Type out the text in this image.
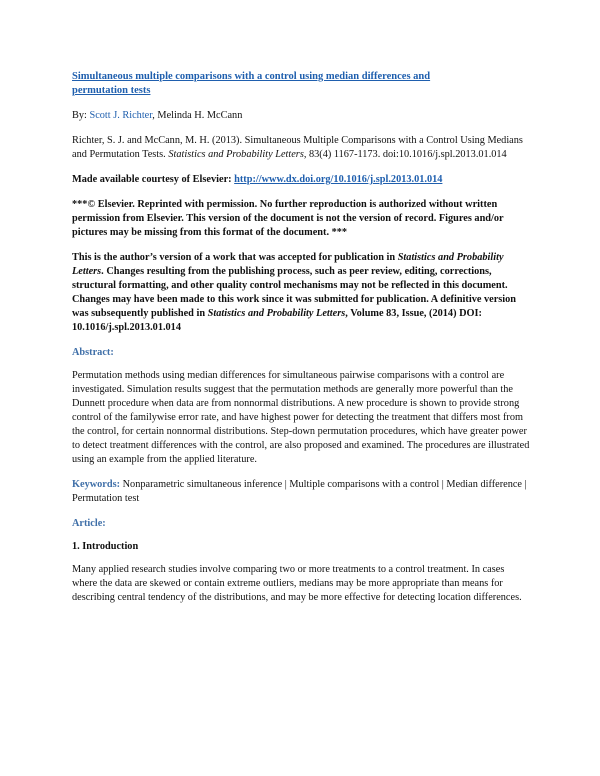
Simultaneous multiple comparisons with a control using median differences and
permutation tests

By: Scott J. Richter, Melinda H. McCann

Richter, S. J. and McCann, M. H. (2013). Simultaneous Multiple Comparisons with a Control Using Medians and Permutation Tests. Statistics and Probability Letters, 83(4) 1167-1173. doi:10.1016/j.spl.2013.01.014

Made available courtesy of Elsevier: http://www.dx.doi.org/10.1016/j.spl.2013.01.014

***© Elsevier. Reprinted with permission. No further reproduction is authorized without written permission from Elsevier. This version of the document is not the version of record. Figures and/or pictures may be missing from this format of the document. ***

This is the author’s version of a work that was accepted for publication in Statistics and Probability Letters. Changes resulting from the publishing process, such as peer review, editing, corrections, structural formatting, and other quality control mechanisms may not be reflected in this document. Changes may have been made to this work since it was submitted for publication. A definitive version was subsequently published in Statistics and Probability Letters, Volume 83, Issue, (2014) DOI: 10.1016/j.spl.2013.01.014

Abstract:

Permutation methods using median differences for simultaneous pairwise comparisons with a control are investigated. Simulation results suggest that the permutation methods are generally more powerful than the Dunnett procedure when data are from nonnormal distributions. A new procedure is shown to provide strong control of the familywise error rate, and have highest power for detecting the treatment that differs most from the control, for certain nonnormal distributions. Step-down permutation procedures, which have greater power to detect treatment differences with the control, are also proposed and examined. The procedures are illustrated using an example from the applied literature.

Keywords: Nonparametric simultaneous inference | Multiple comparisons with a control | Median difference | Permutation test

Article:
1. Introduction

Many applied research studies involve comparing two or more treatments to a control treatment. In cases where the data are skewed or contain extreme outliers, medians may be more appropriate than means for describing central tendency of the distributions, and may be more effective for detecting location differences.
